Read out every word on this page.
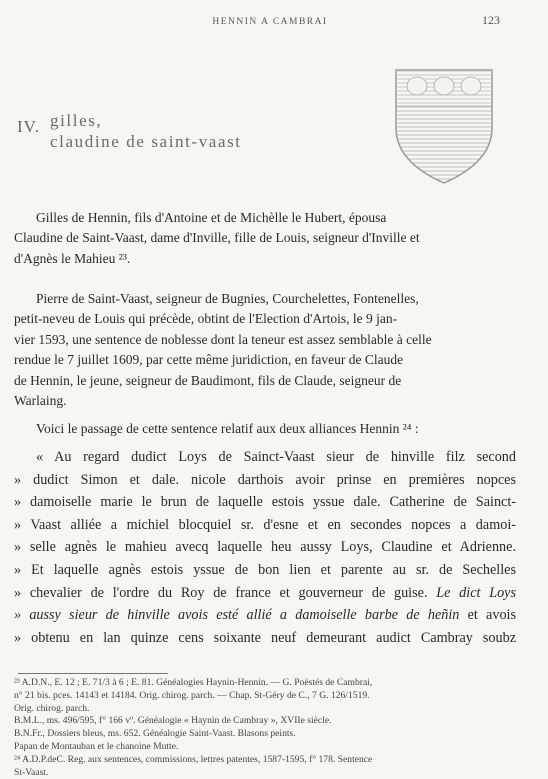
HENNIN A CAMBRAI	123
IV. gilles,
claudine de saint-vaast
Gilles de Hennin, fils d'Antoine et de Michèlle le Hubert, épousa
Claudine de Saint-Vaast, dame d'Inville, fille de Louis, seigneur d'Inville et
d'Agnès le Mahieu ²³.
Pierre de Saint-Vaast, seigneur de Bugnies, Courchelettes, Fontenelles,
petit-neveu de Louis qui précède, obtint de l'Election d'Artois, le 9 jan-
vier 1593, une sentence de noblesse dont la teneur est assez semblable à celle
rendue le 7 juillet 1609, par cette même juridiction, en faveur de Claude
de Hennin, le jeune, seigneur de Baudimont, fils de Claude, seigneur de
Warlaing.
Voici le passage de cette sentence relatif aux deux alliances Hennin ²⁴ :
« Au regard dudict Loys de Sainct-Vaast sieur de hinville filz second
» dudict Simon et dale. nicole darthois avoir prinse en premières nopces
» damoiselle marie le brun de laquelle estois yssue dale. Catherine de Sainct-
» Vaast alliée a michiel blocquiel sr. d'esne et en secondes nopces a damoi-
» selle agnès le mahieu avecq laquelle heu aussy Loys, Claudine et Adrienne.
» Et laquelle agnès estois yssue de bon lien et parente au sr. de Sechelles
» chevalier de l'ordre du Roy de france et gouverneur de guise. Le dict Loys
» aussy sieur de hinville avois esté allié a damoiselle barbe de heñin et avois
» obtenu en lan quinze cens soixante neuf demeurant audict Cambray soubz
²³ A.D.N., E. 12 ; E. 71/3 à 6 ; E. 81. Généalogies Haynin-Hennin. — G. Poëstés de Cambrai,
n° 21 bis. pces. 14143 et 14184. Orig. chirog. parch. — Chap. St-Géry de C., 7 G. 126/1519.
Orig. chirog. parch.
B.M.L., ms. 496/595, f° 166 vº. Généalogie « Haynin de Cambray », XVIIe siècle.
B.N.Fr., Dossiers bleus, ms. 652. Généalogie Saint-Vaast. Blasons peints.
Papan de Montauban et le chanoine Mutte.
²⁴ A.D.P.deC. Reg. aux sentences, commissions, lettres patentes, 1587-1595, f° 178. Sentence
St-Vaast.
